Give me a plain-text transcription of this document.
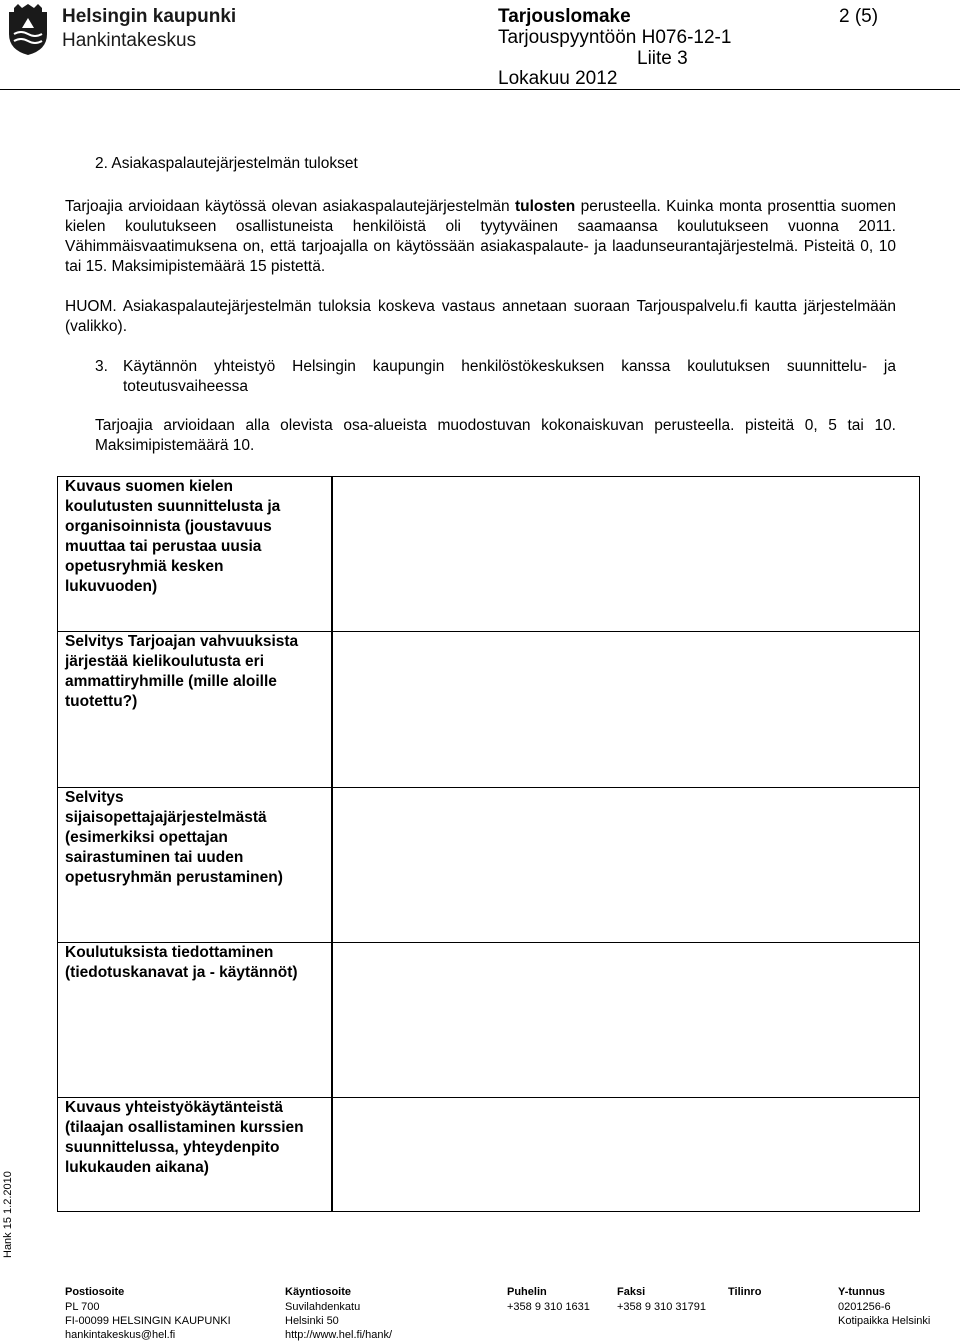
Helsingin kaupunki
Hankintakeskus
Tarjouslomake
Tarjouspyyntöön H076-12-1
Liite 3
Lokakuu 2012
2 (5)
2. Asiakaspalautejärjestelmän tulokset
Tarjoajia arvioidaan käytössä olevan asiakaspalautejärjestelmän tulosten perusteella. Kuinka monta prosenttia suomen kielen koulutukseen osallistuneista henkilöistä oli tyytyväinen saamaansa koulutukseen vuonna 2011. Vähimmäisvaatimuksena on, että tarjoajalla on käytössään asiakaspalaute- ja laadunseurantajärjestelmä. Pisteitä 0, 10 tai 15. Maksimipistemäärä 15 pistettä.
HUOM. Asiakaspalautejärjestelmän tuloksia koskeva vastaus annetaan suoraan Tarjouspalvelu.fi kautta järjestelmään (valikko).
3. Käytännön yhteistyö Helsingin kaupungin henkilöstökeskuksen kanssa koulutuksen suunnittelu- ja toteutusvaiheessa
Tarjoajia arvioidaan alla olevista osa-alueista muodostuvan kokonaiskuvan perusteella. pisteitä 0, 5 tai 10. Maksimipistemäärä 10.
Kuvaus suomen kielen koulutusten suunnittelusta ja organisoinnista (joustavuus muuttaa tai perustaa uusia opetusryhmiä kesken lukuvuoden)
Selvitys Tarjoajan vahvuuksista järjestää kielikoulutusta eri ammattiryhmille (mille aloille tuotettu?)
Selvitys sijaisopettajajärjestelmästä (esimerkiksi opettajan sairastuminen tai uuden opetusryhmän perustaminen)
Koulutuksista tiedottaminen (tiedotuskanavat ja - käytännöt)
Kuvaus yhteistyökäytänteistä (tilaajan osallistaminen kurssien suunnittelussa, yhteydenpito lukukauden aikana)
Hank 15 1.2.2010
Postiosoite
PL 700
FI-00099 HELSINGIN KAUPUNKI
hankintakeskus@hel.fi
Käyntiosoite
Suvilahdenkatu
Helsinki 50
http://www.hel.fi/hank/
Puhelin
+358 9 310 1631
Faksi
+358 9 310 31791
Tilinro	Y-tunnus
0201256-6
Kotipaikka Helsinki
